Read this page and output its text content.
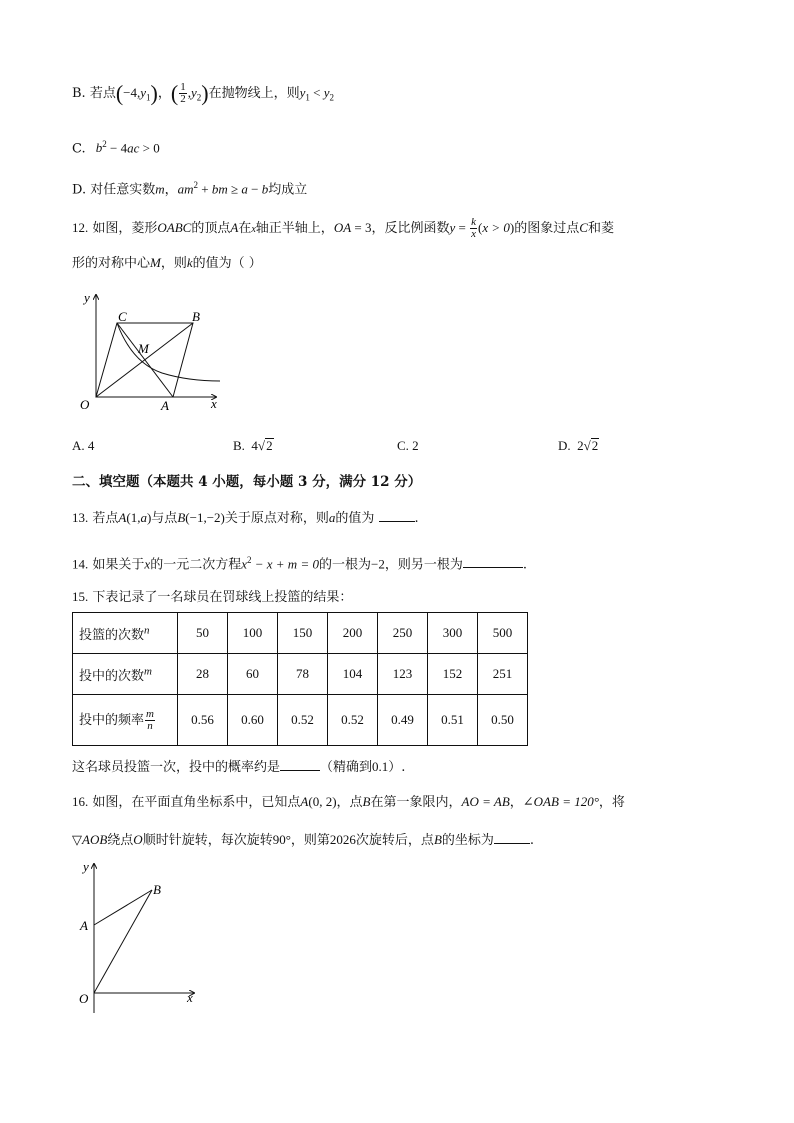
B. 若点$(-4,y_1)$，( $\frac{1}{2} ,y_2$)在抛物线上，则$y_1 < y_2$
C. $b^2 - 4ac > 0$
D. 对任意实数m，$am^2$ + bm ≥ a − b均成立
12. 如图，菱形OABC的顶点A在x轴正半轴上，OA = 3，反比例函数$y = \frac{k}{x} (x > 0)$的图象过点C和菱
形的对称中心M，则k的值为（ ）
y
C	B
M
O	A	x
A. 4	B. 4√2	C. 2	D. 2√2
二、填空题（本题共 4 小题，每小题 3 分，满分 12 分）
13. 若点A(1,a)与点B(−1,−2)关于原点对称，则a的值为	.
14. 如果关于x的一元二次方程$x^2 - x + m = 0$的一根为−2，则另一根为	.
15. 下表记录了一名球员在罚球线上投篮的结果：
投篮的次数$^n$	50	100	150	200	250	300	500
投中的次数$^m$	28	60	78	104	123	152	251
投中的频率 $\frac{m}{n}$	0.56	0.60	0.52	0.52	0.49	0.51	0.50
这名球员投篮一次，投中的概率约是	（精确到0.1）.
16. 如图，在平面直角坐标系中，已知点A(0, 2)，点B在第一象限内，AO = AB，∠OAB = 120°，将
▽AOB绕点O顺时针旋转，每次旋转90°，则第2026次旋转后，点B的坐标为	.
y
B
A
O	x
